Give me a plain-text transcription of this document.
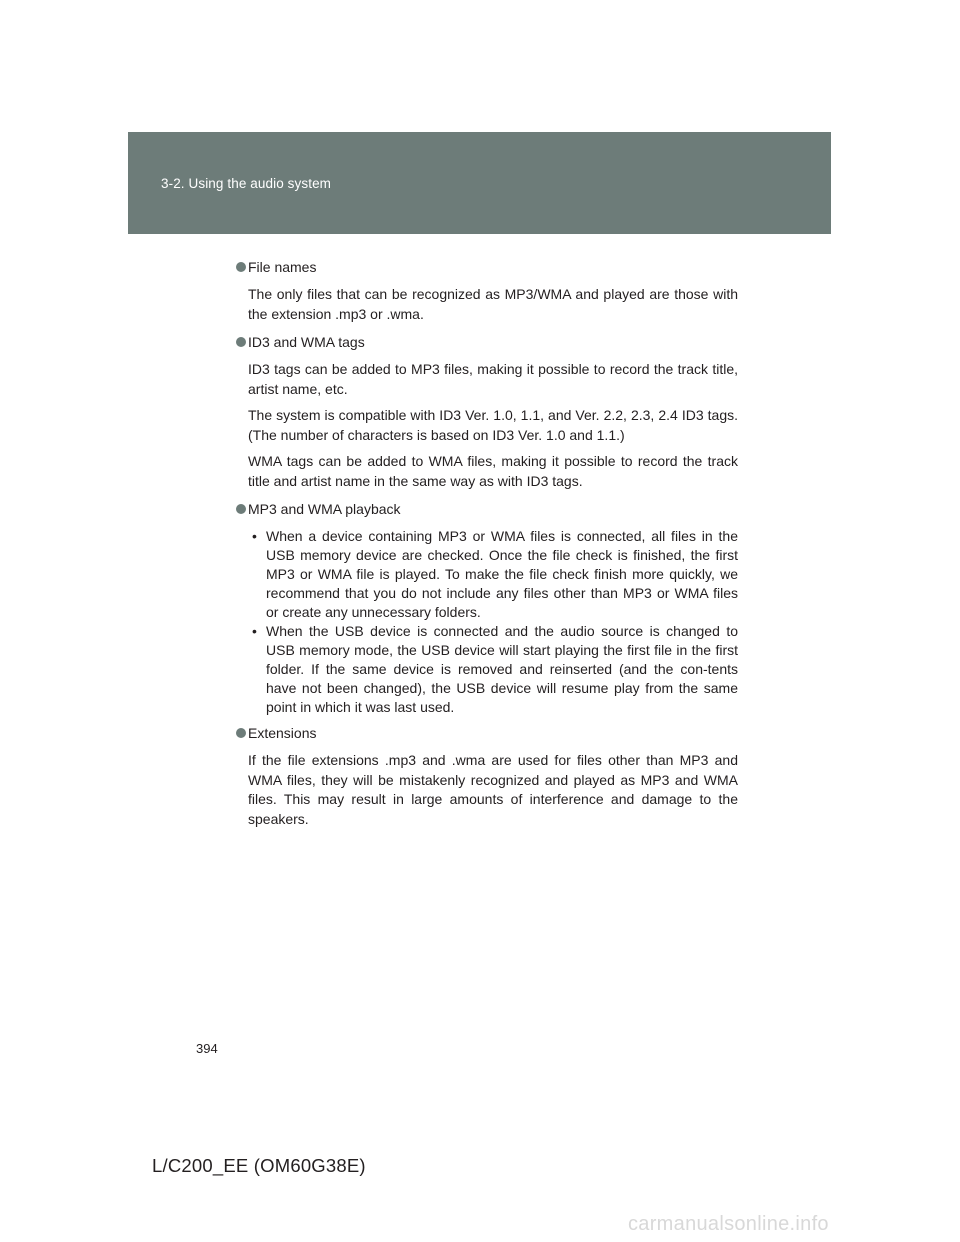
3-2. Using the audio system
File names

The only files that can be recognized as MP3/WMA and played are those with the extension .mp3 or .wma.

ID3 and WMA tags

ID3 tags can be added to MP3 files, making it possible to record the track title, artist name, etc.

The system is compatible with ID3 Ver. 1.0, 1.1, and Ver. 2.2, 2.3, 2.4 ID3 tags. (The number of characters is based on ID3 Ver. 1.0 and 1.1.)

WMA tags can be added to WMA files, making it possible to record the track title and artist name in the same way as with ID3 tags.

MP3 and WMA playback
• When a device containing MP3 or WMA files is connected, all files in the USB memory device are checked. Once the file check is finished, the first MP3 or WMA file is played. To make the file check finish more quickly, we recommend that you do not include any files other than MP3 or WMA files or create any unnecessary folders.
• When the USB device is connected and the audio source is changed to USB memory mode, the USB device will start playing the first file in the first folder. If the same device is removed and reinserted (and the con-tents have not been changed), the USB device will resume play from the same point in which it was last used.
Extensions

If the file extensions .mp3 and .wma are used for files other than MP3 and WMA files, they will be mistakenly recognized and played as MP3 and WMA files. This may result in large amounts of interference and damage to the speakers.

394
L/C200_EE (OM60G38E)
carmanualsonline.info
